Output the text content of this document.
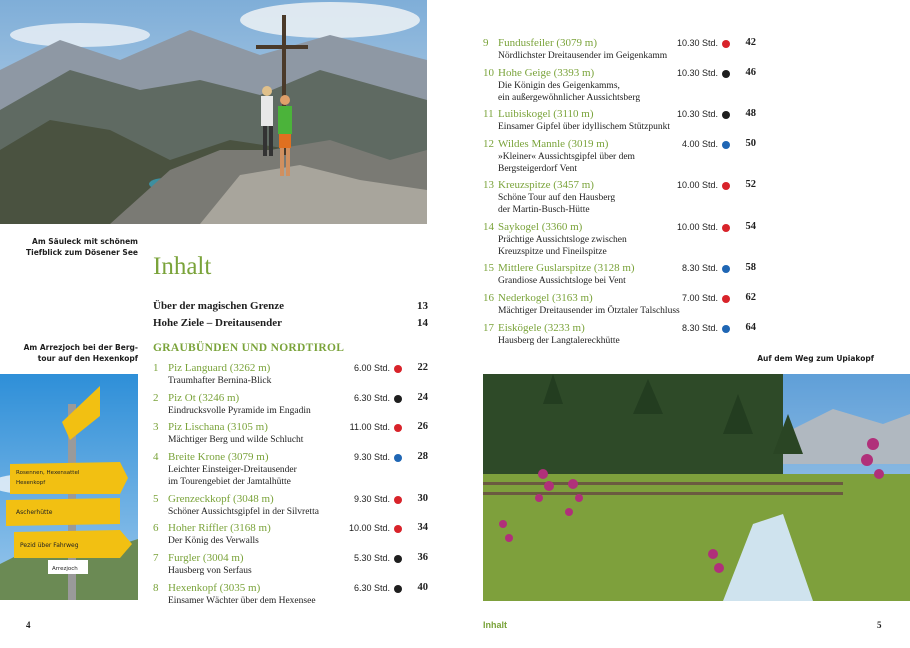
Am Säuleck mit schönem
Tiefblick zum Dösener See
Am Arrezjoch bei der Berg-
tour auf den Hexenkopf
Rosennen, Hexensattel
Hexenkopf
Ascherhütte
Pezid über Fahrweg
Arrezjoch
Inhalt
Über der magischen Grenze	13
Hohe Ziele – Dreitausender	14
GRAUBÜNDEN UND NORDTIROL
1 Piz Languard (3262 m)
Traumhafter Bernina-Blick
6.00 Std.	22
2 Piz Ot (3246 m)
Eindrucksvolle Pyramide im Engadin
6.30 Std.	24
3 Piz Lischana (3105 m)
Mächtiger Berg und wilde Schlucht
11.00 Std.	26
4 Breite Krone (3079 m)
Leichter Einsteiger-Dreitausender
im Tourengebiet der Jamtalhütte
9.30 Std.	28
5 Grenzeckkopf (3048 m)
Schöner Aussichtsgipfel in der Silvretta
9.30 Std.	30
6 Hoher Riffler (3168 m)
Der König des Verwalls
10.00 Std.	34
7 Furgler (3004 m)
Hausberg von Serfaus
5.30 Std.	36
8 Hexenkopf (3035 m)
Einsamer Wächter über dem Hexensee
6.30 Std.	40
4
9 Fundusfeiler (3079 m)
Nördlichster Dreitausender im Geigenkamm
10.30 Std.	42
10 Hohe Geige (3393 m)
Die Königin des Geigenkamms,
ein außergewöhnlicher Aussichtsberg
10.30 Std.	46
11 Luibiskogel (3110 m)
Einsamer Gipfel über idyllischem Stützpunkt
10.30 Std.	48
12 Wildes Mannle (3019 m)
»Kleiner« Aussichtsgipfel über dem
Bergsteigerdorf Vent
4.00 Std.	50
13 Kreuzspitze (3457 m)
Schöne Tour auf den Hausberg
der Martin-Busch-Hütte
10.00 Std.	52
14 Saykogel (3360 m)
Prächtige Aussichtsloge zwischen
Kreuzspitze und Fineilspitze
10.00 Std.	54
15 Mittlere Guslarspitze (3128 m)
Grandiose Aussichtsloge bei Vent
8.30 Std.	58
16 Nederkogel (3163 m)
Mächtiger Dreitausender im Ötztaler Talschluss
7.00 Std.	62
17 Eiskögele (3233 m)
Hausberg der Langtalereckhütte
8.30 Std.	64
Auf dem Weg zum Upiakopf
Inhalt	5
